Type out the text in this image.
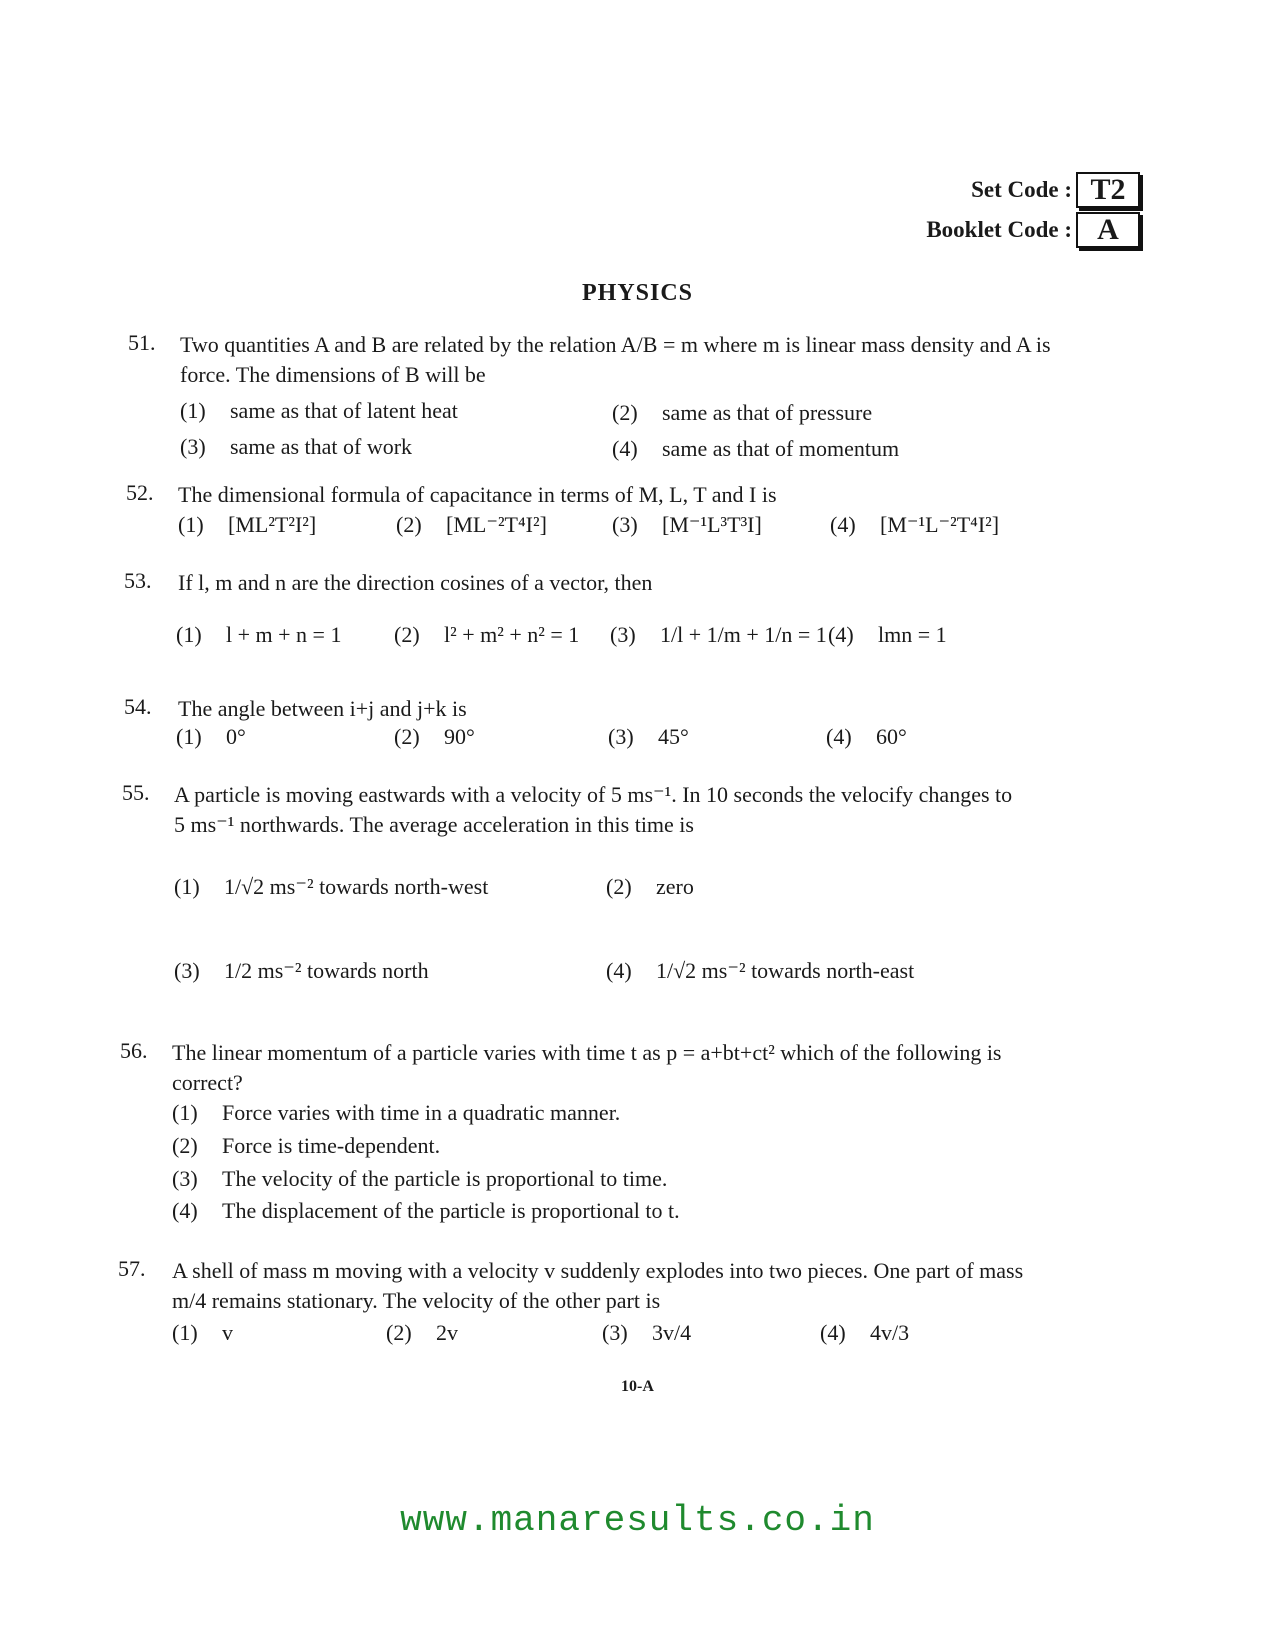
Set Code : T2
Booklet Code : A
PHYSICS
51. Two quantities A and B are related by the relation A/B = m where m is linear mass density and A is
force. The dimensions of B will be
(1) same as that of latent heat	(2) same as that of pressure
(3) same as that of work	(4) same as that of momentum
52. The dimensional formula of capacitance in terms of M, L, T and I is
(1) [ML²T²I²]	(2) [ML⁻²T⁴I²]	(3) [M⁻¹L³T³I]	(4) [M⁻¹L⁻²T⁴I²]
53. If l, m and n are the direction cosines of a vector, then
(1) l + m + n = 1 (2) l² + m² + n² = 1 (3) 1/l + 1/m + 1/n = 1 (4) lmn = 1
54. The angle between i+j and j+k is
(1) 0°	(2) 90°	(3) 45°	(4) 60°
55. A particle is moving eastwards with a velocity of 5 ms⁻¹. In 10 seconds the velocify changes to
5 ms⁻¹ northwards. The average acceleration in this time is
(1) 1/√2 ms⁻² towards north-west	(2) zero
(3) 1/2 ms⁻² towards north	(4) 1/√2 ms⁻² towards north-east
56. The linear momentum of a particle varies with time t as p = a+bt+ct² which of the following is
correct?
(1) Force varies with time in a quadratic manner.
(2) Force is time-dependent.
(3) The velocity of the particle is proportional to time.
(4) The displacement of the particle is proportional to t.
57. A shell of mass m moving with a velocity v suddenly explodes into two pieces. One part of mass
m/4 remains stationary. The velocity of the other part is
(1) v	(2) 2v	(3) 3v/4	(4) 4v/3
10-A
www.manaresults.co.in
